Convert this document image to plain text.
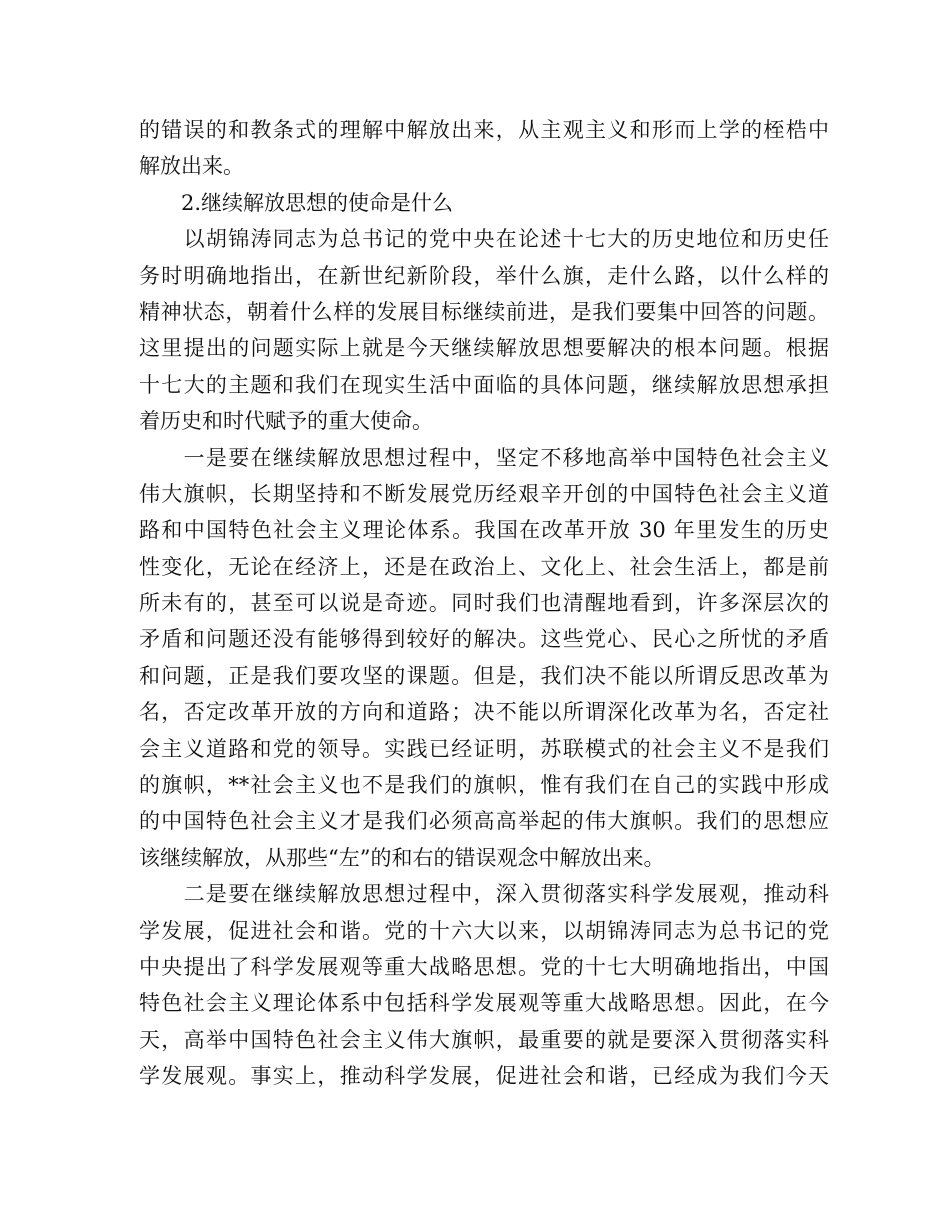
的错误的和教条式的理解中解放出来，从主观主义和形而上学的桎梏中
解放出来。
　　2.继续解放思想的使命是什么
　　以胡锦涛同志为总书记的党中央在论述十七大的历史地位和历史任
务时明确地指出，在新世纪新阶段，举什么旗，走什么路，以什么样的
精神状态，朝着什么样的发展目标继续前进，是我们要集中回答的问题。
这里提出的问题实际上就是今天继续解放思想要解决的根本问题。根据
十七大的主题和我们在现实生活中面临的具体问题，继续解放思想承担
着历史和时代赋予的重大使命。
　　一是要在继续解放思想过程中，坚定不移地高举中国特色社会主义
伟大旗帜，长期坚持和不断发展党历经艰辛开创的中国特色社会主义道
路和中国特色社会主义理论体系。我国在改革开放 30 年里发生的历史
性变化，无论在经济上，还是在政治上、文化上、社会生活上，都是前
所未有的，甚至可以说是奇迹。同时我们也清醒地看到，许多深层次的
矛盾和问题还没有能够得到较好的解决。这些党心、民心之所忧的矛盾
和问题，正是我们要攻坚的课题。但是，我们决不能以所谓反思改革为
名，否定改革开放的方向和道路；决不能以所谓深化改革为名，否定社
会主义道路和党的领导。实践已经证明，苏联模式的社会主义不是我们
的旗帜，**社会主义也不是我们的旗帜，惟有我们在自己的实践中形成
的中国特色社会主义才是我们必须高高举起的伟大旗帜。我们的思想应
该继续解放，从那些“左”的和右的错误观念中解放出来。
　　二是要在继续解放思想过程中，深入贯彻落实科学发展观，推动科
学发展，促进社会和谐。党的十六大以来，以胡锦涛同志为总书记的党
中央提出了科学发展观等重大战略思想。党的十七大明确地指出，中国
特色社会主义理论体系中包括科学发展观等重大战略思想。因此，在今
天，高举中国特色社会主义伟大旗帜，最重要的就是要深入贯彻落实科
学发展观。事实上，推动科学发展，促进社会和谐，已经成为我们今天
